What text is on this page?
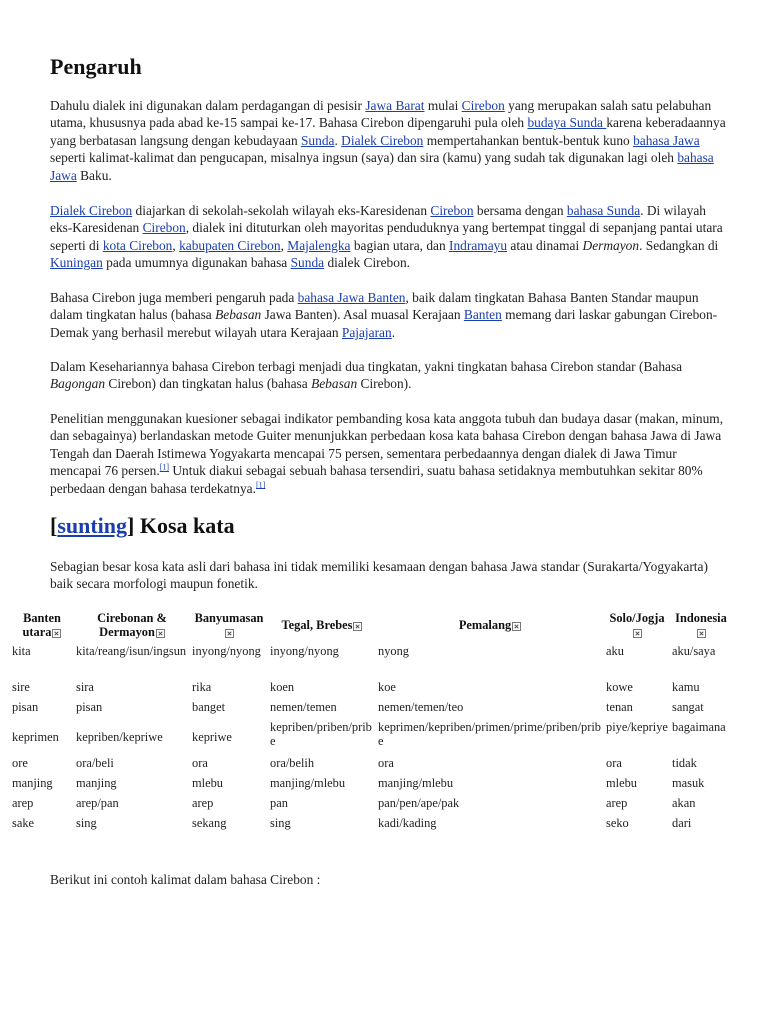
Pengaruh
Dahulu dialek ini digunakan dalam perdagangan di pesisir Jawa Barat mulai Cirebon yang merupakan salah satu pelabuhan utama, khususnya pada abad ke-15 sampai ke-17. Bahasa Cirebon dipengaruhi pula oleh budaya Sunda karena keberadaannya yang berbatasan langsung dengan kebudayaan Sunda. Dialek Cirebon mempertahankan bentuk-bentuk kuno bahasa Jawa seperti kalimat-kalimat dan pengucapan, misalnya ingsun (saya) dan sira (kamu) yang sudah tak digunakan lagi oleh bahasa Jawa Baku.
Dialek Cirebon diajarkan di sekolah-sekolah wilayah eks-Karesidenan Cirebon bersama dengan bahasa Sunda. Di wilayah eks-Karesidenan Cirebon, dialek ini dituturkan oleh mayoritas penduduknya yang bertempat tinggal di sepanjang pantai utara seperti di kota Cirebon, kabupaten Cirebon, Majalengka bagian utara, dan Indramayu atau dinamai Dermayon. Sedangkan di Kuningan pada umumnya digunakan bahasa Sunda dialek Cirebon.
Bahasa Cirebon juga memberi pengaruh pada bahasa Jawa Banten, baik dalam tingkatan Bahasa Banten Standar maupun dalam tingkatan halus (bahasa Bebasan Jawa Banten). Asal muasal Kerajaan Banten memang dari laskar gabungan Cirebon-Demak yang berhasil merebut wilayah utara Kerajaan Pajajaran.
Dalam Kesehariannya bahasa Cirebon terbagi menjadi dua tingkatan, yakni tingkatan bahasa Cirebon standar (Bahasa Bagongan Cirebon) dan tingkatan halus (bahasa Bebasan Cirebon).
Penelitian menggunakan kuesioner sebagai indikator pembanding kosa kata anggota tubuh dan budaya dasar (makan, minum, dan sebagainya) berlandaskan metode Guiter menunjukkan perbedaan kosa kata bahasa Cirebon dengan bahasa Jawa di Jawa Tengah dan Daerah Istimewa Yogyakarta mencapai 75 persen, sementara perbedaannya dengan dialek di Jawa Timur mencapai 76 persen.[1] Untuk diakui sebagai sebuah bahasa tersendiri, suatu bahasa setidaknya membutuhkan sekitar 80% perbedaan dengan bahasa terdekatnya.[1]
[sunting] Kosa kata
Sebagian besar kosa kata asli dari bahasa ini tidak memiliki kesamaan dengan bahasa Jawa standar (Surakarta/Yogyakarta) baik secara morfologi maupun fonetik.
Banten utara	Cirebonan & Dermayon	Banyumasan	Tegal, Brebes	Pemalang	Solo/Jogja	Indonesia
kita	kita/reang/isun/ingsun	inyong/nyong	inyong/nyong	nyong	aku	aku/saya
sire	sira	rika	koen	koe	kowe	kamu
pisan	pisan	banget	nemen/temen	nemen/temen/teo	tenan	sangat
keprimen	kepriben/kepriwe	kepriwe	kepriben/priben/pribe	keprimen/kepriben/primen/prime/priben/pribe	piye/kepriye	bagaimana
ore	ora/beli	ora	ora/belih	ora	ora	tidak
manjing	manjing	mlebu	manjing/mlebu	manjing/mlebu	mlebu	masuk
arep	arep/pan	arep	pan	pan/pen/ape/pak	arep	akan
sake	sing	sekang	sing	kadi/kading	seko	dari
Berikut ini contoh kalimat dalam bahasa Cirebon :
